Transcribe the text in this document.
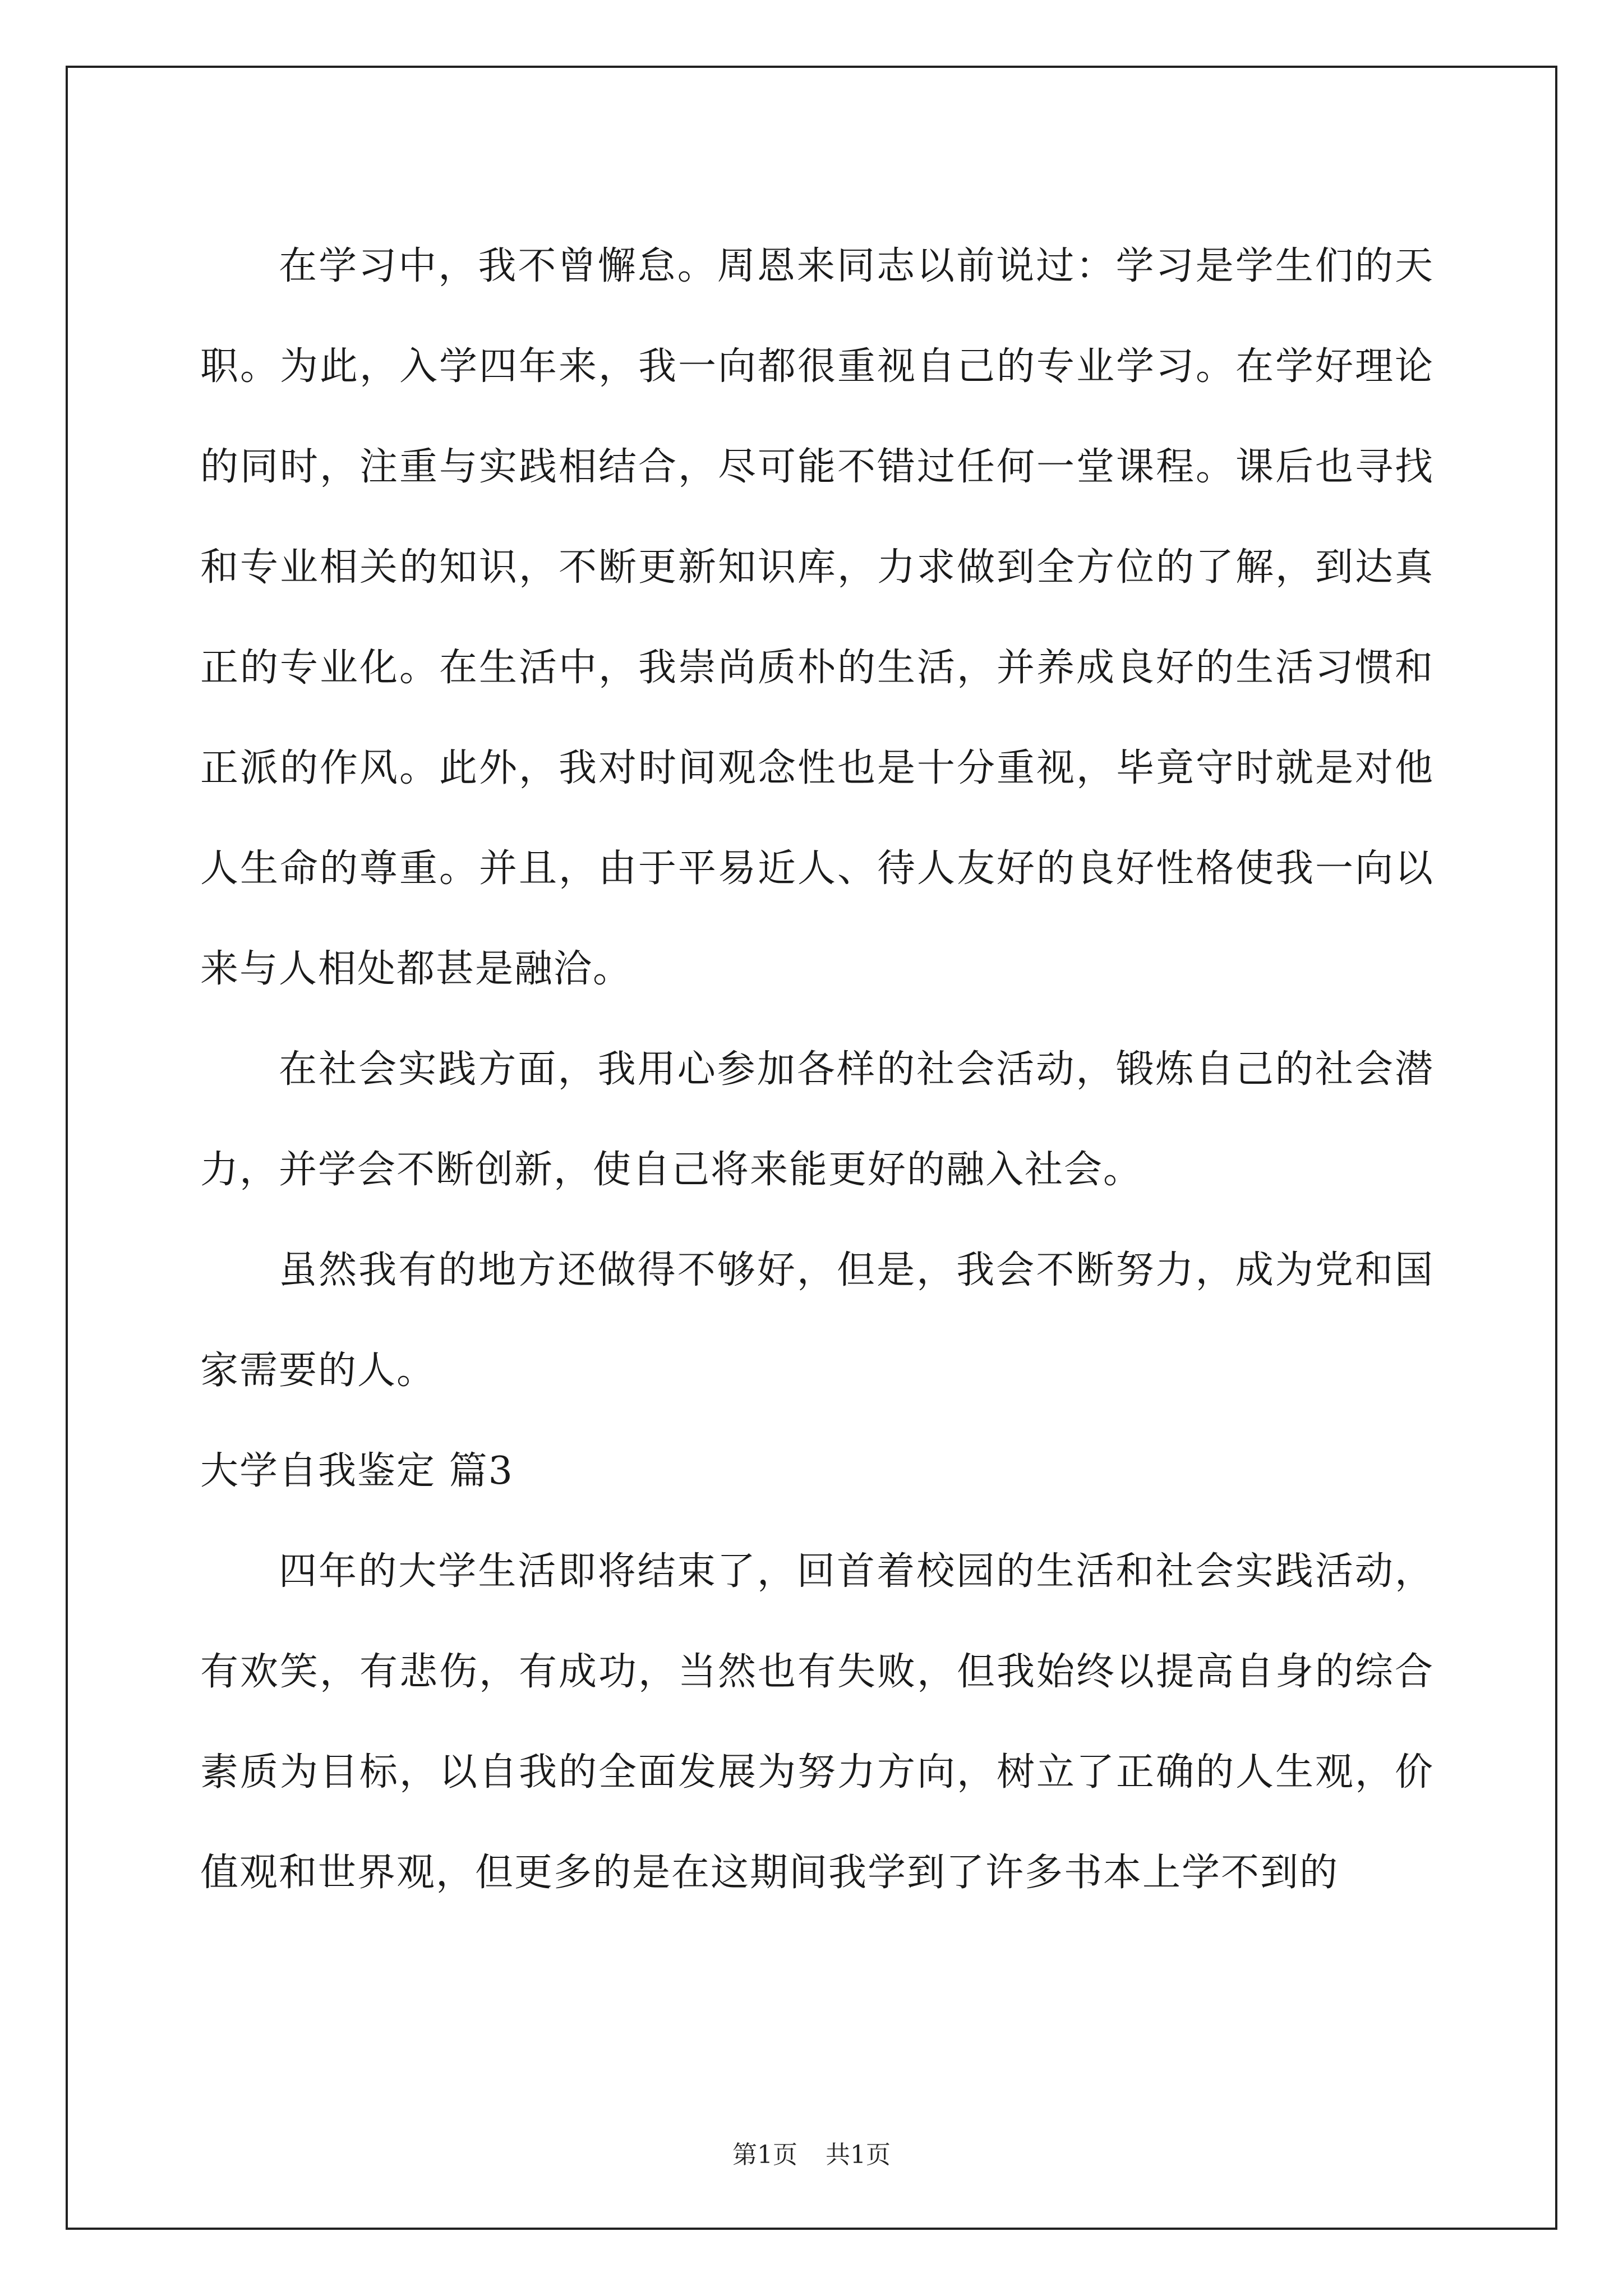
在学习中，我不曾懈怠。周恩来同志以前说过：学习是学生们的天职。为此，入学四年来，我一向都很重视自己的专业学习。在学好理论的同时，注重与实践相结合，尽可能不错过任何一堂课程。课后也寻找和专业相关的知识，不断更新知识库，力求做到全方位的了解，到达真正的专业化。在生活中，我崇尚质朴的生活，并养成良好的生活习惯和正派的作风。此外，我对时间观念性也是十分重视，毕竟守时就是对他人生命的尊重。并且，由于平易近人、待人友好的良好性格使我一向以来与人相处都甚是融洽。

在社会实践方面，我用心参加各样的社会活动，锻炼自己的社会潜力，并学会不断创新，使自己将来能更好的融入社会。

虽然我有的地方还做得不够好，但是，我会不断努力，成为党和国家需要的人。

大学自我鉴定 篇3

四年的大学生活即将结束了，回首着校园的生活和社会实践活动，有欢笑，有悲伤，有成功，当然也有失败，但我始终以提高自身的综合素质为目标，以自我的全面发展为努力方向，树立了正确的人生观，价值观和世界观，但更多的是在这期间我学到了许多书本上学不到的

第1页 共1页
